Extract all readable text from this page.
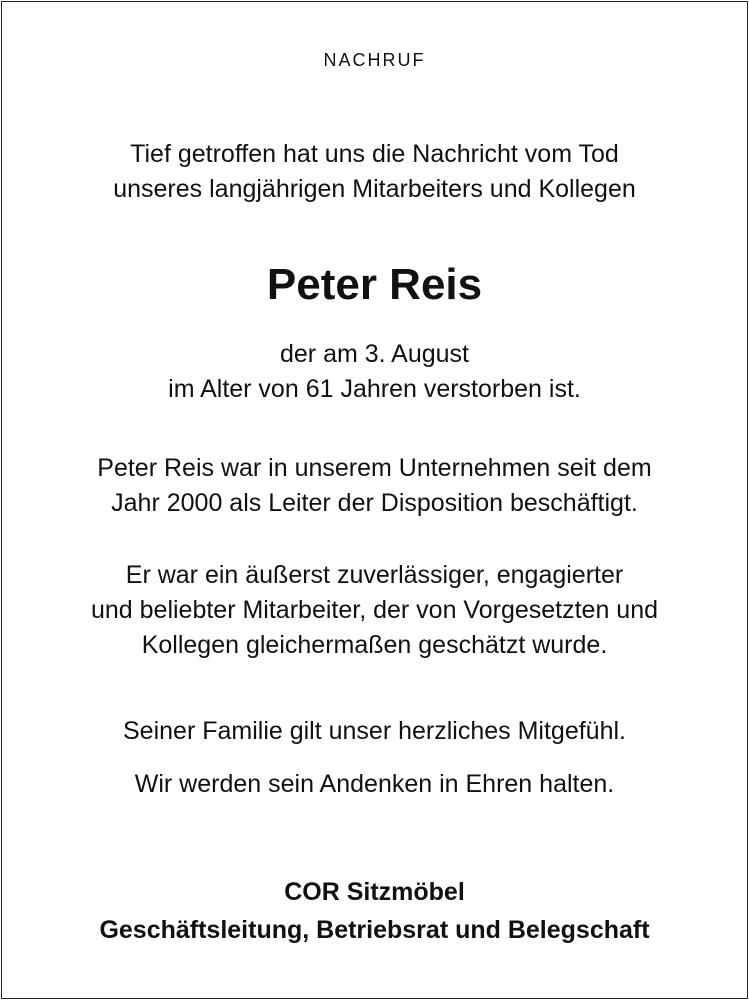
NACHRUF
Tief getroffen hat uns die Nachricht vom Tod
unseres langjährigen Mitarbeiters und Kollegen
Peter Reis
der am 3. August
im Alter von 61 Jahren verstorben ist.
Peter Reis war in unserem Unternehmen seit dem
Jahr 2000 als Leiter der Disposition beschäftigt.
Er war ein äußerst zuverlässiger, engagierter
und beliebter Mitarbeiter, der von Vorgesetzten und
Kollegen gleichermaßen geschätzt wurde.
Seiner Familie gilt unser herzliches Mitgefühl.
Wir werden sein Andenken in Ehren halten.
COR Sitzmöbel
Geschäftsleitung, Betriebsrat und Belegschaft
